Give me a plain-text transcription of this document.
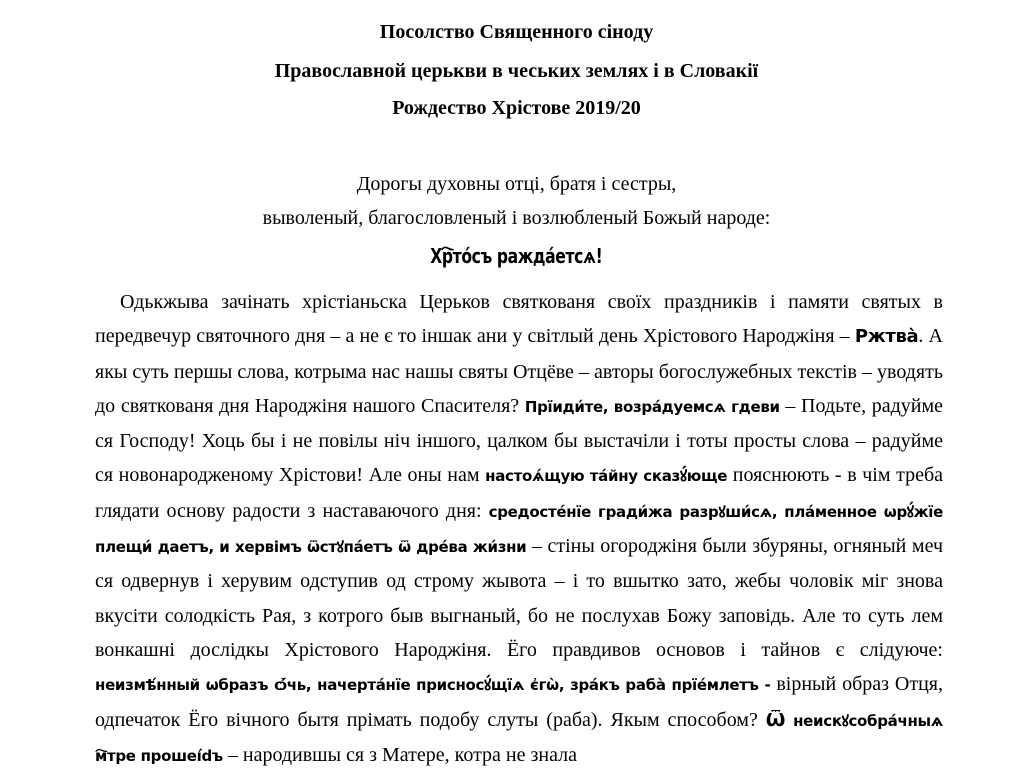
Посолство Священного сіноду
Православной церькви в чеських землях і в Словакії
Рождество Хрістове 2019/20
Дорогы духовны отці, братя і сестры,
выволеный, благословленый і возлюбленый Божый народе:
Хр҇то́съ ражда́етсѧ!
Одькжыва зачінать хрістіаньска Церьков святкованя своїх праздників і памяти святых в передвечур святочного дня – а не є то іншак ани у світлый день Хрістового Народжіня – Ржтва̀. А якы суть першы слова, котрыма нас нашы святы Отцёве – авторы богослужебных текстів – уводять до святкованя дня Народжіня нашого Спасителя? Прїиди́те, возра́дуемсѧ гдеви – Подьте, радуйме ся Господу! Хоць бы і не повілы ніч іншого, цалком бы выстачіли і тоты просты слова – радуйме ся новонародженому Хрістови! Але оны нам настоѧ́щую та́йну сказꙋ́юще пояснюють - в чім треба глядати основу радости з наставаючого дня: средосте́нїе гради́жа разрꙋши́сѧ, пла́менное ѡрꙋ́жїе плещи́ даетъ, и хервімъ ѿстꙋпа́етъ ѿ дре́ва жи́зни – стіны огороджіня были збуряны, огняный меч ся одвернув і херувим одступив од строму жывота – і то вшытко зато, жебы чоловік міг знова вкусіти солодкість Рая, з котрого быв выгнаный, бо не послухав Божу заповідь. Але то суть лем вонкашні дослідкы Хрістового Народжіня. Ёго правдивов основов і тайнов є слідуюче: неизмѣ́нный ѡбразъ ѻ҆́чь, начерта́нїе присносꙋ́щїѧ є҆гѡ̀, зра́къ раба̀ прїе́млетъ - вірный образ Отця, одпечаток Ёго вічного бытя прімать подобу слуты (раба). Якым способом? Ѿ неискꙋсобра́чныѧ м҇тре прошеídъ – народившы ся з Матере, котра не знала
